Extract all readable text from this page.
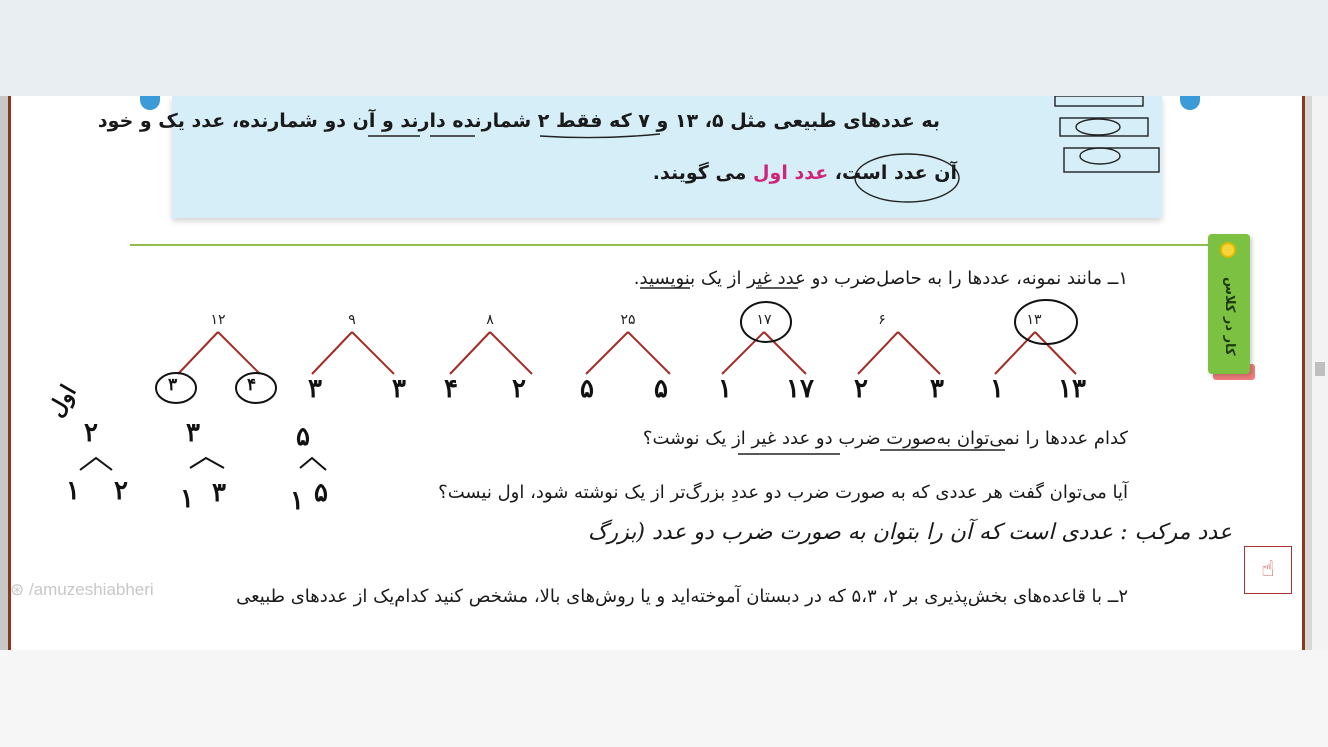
به عددهای طبیعی مثل ۵، ۱۳ و ۷ که فقط ۲ شمارنده دارند و آن دو شمارنده، عدد یک و خود
آن عدد است، عدد اول می گویند.
کار در کلاس
۱ــ مانند نمونه، عددها را به حاصل‌ضرب دو عدد غیر از یک بنویسید.
۱۳
۶
۱۷
۲۵
۸
۹
۱۲
۱۳
۱
۳
۲
۱۷
۱
۵
۵
۲
۴
۳
۳
۴
۳
کدام عددها را نمی‌توان به‌صورت ضرب دو عدد غیر از یک نوشت؟
آیا می‌توان گفت هر عددی که به صورت ضرب دو عددِ بزرگ‌تر از یک نوشته شود، اول نیست؟
عدد مرکب : عددی است که آن را بتوان به صورت ضرب دو عدد (بزرگ
اول
۲
۱ ۲
۳
۱ ۳
۵
۱ ۵
⊛ /amuzeshiabheri
☝
۲ــ با قاعده‌های بخش‌پذیری بر ۲، ۵،۳ که در دبستان آموخته‌اید و یا روش‌های بالا، مشخص کنید کدام‌یک از عددهای طبیعی
